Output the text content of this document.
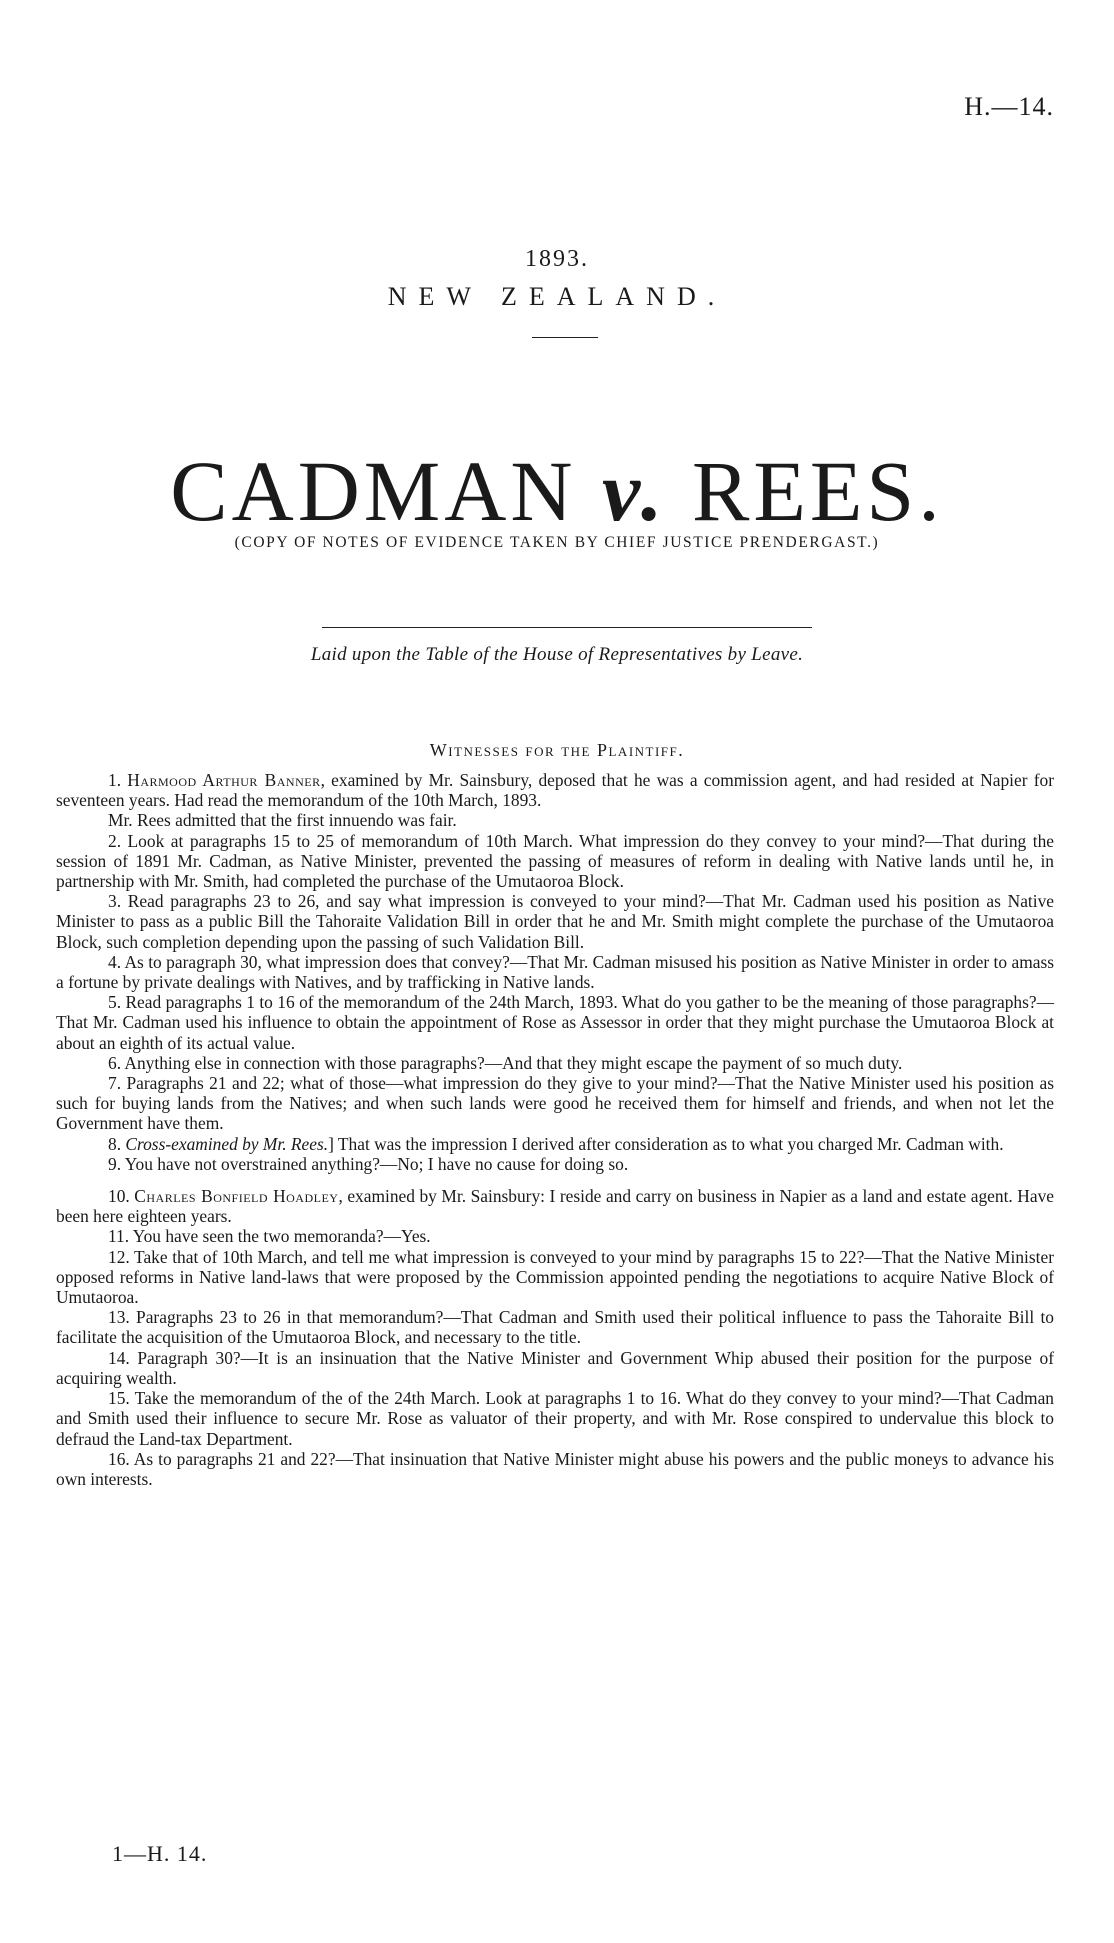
H.—14.
1893.
NEW ZEALAND.
CADMAN v. REES.
(COPY OF NOTES OF EVIDENCE TAKEN BY CHIEF JUSTICE PRENDERGAST.)
Laid upon the Table of the House of Representatives by Leave.
Witnesses for the Plaintiff.

1. Harmood Arthur Banner, examined by Mr. Sainsbury, deposed that he was a commission agent, and had resided at Napier for seventeen years. Had read the memorandum of the 10th March, 1893.

Mr. Rees admitted that the first innuendo was fair.

2. Look at paragraphs 15 to 25 of memorandum of 10th March. What impression do they convey to your mind?—That during the session of 1891 Mr. Cadman, as Native Minister, prevented the passing of measures of reform in dealing with Native lands until he, in partnership with Mr. Smith, had completed the purchase of the Umutaoroa Block.

3. Read paragraphs 23 to 26, and say what impression is conveyed to your mind?—That Mr. Cadman used his position as Native Minister to pass as a public Bill the Tahoraite Validation Bill in order that he and Mr. Smith might complete the purchase of the Umutaoroa Block, such completion depending upon the passing of such Validation Bill.

4. As to paragraph 30, what impression does that convey?—That Mr. Cadman misused his position as Native Minister in order to amass a fortune by private dealings with Natives, and by trafficking in Native lands.

5. Read paragraphs 1 to 16 of the memorandum of the 24th March, 1893. What do you gather to be the meaning of those paragraphs?—That Mr. Cadman used his influence to obtain the appointment of Rose as Assessor in order that they might purchase the Umutaoroa Block at about an eighth of its actual value.

6. Anything else in connection with those paragraphs?—And that they might escape the payment of so much duty.

7. Paragraphs 21 and 22; what of those—what impression do they give to your mind?—That the Native Minister used his position as such for buying lands from the Natives; and when such lands were good he received them for himself and friends, and when not let the Government have them.

8. Cross-examined by Mr. Rees.] That was the impression I derived after consideration as to what you charged Mr. Cadman with.

9. You have not overstrained anything?—No; I have no cause for doing so.

10. Charles Bonfield Hoadley, examined by Mr. Sainsbury: I reside and carry on business in Napier as a land and estate agent. Have been here eighteen years.

11. You have seen the two memoranda?—Yes.

12. Take that of 10th March, and tell me what impression is conveyed to your mind by paragraphs 15 to 22?—That the Native Minister opposed reforms in Native land-laws that were proposed by the Commission appointed pending the negotiations to acquire Native Block of Umutaoroa.

13. Paragraphs 23 to 26 in that memorandum?—That Cadman and Smith used their political influence to pass the Tahoraite Bill to facilitate the acquisition of the Umutaoroa Block, and necessary to the title.

14. Paragraph 30?—It is an insinuation that the Native Minister and Government Whip abused their position for the purpose of acquiring wealth.

15. Take the memorandum of the of the 24th March. Look at paragraphs 1 to 16. What do they convey to your mind?—That Cadman and Smith used their influence to secure Mr. Rose as valuator of their property, and with Mr. Rose conspired to undervalue this block to defraud the Land-tax Department.

16. As to paragraphs 21 and 22?—That insinuation that Native Minister might abuse his powers and the public moneys to advance his own interests.

1—H. 14.
